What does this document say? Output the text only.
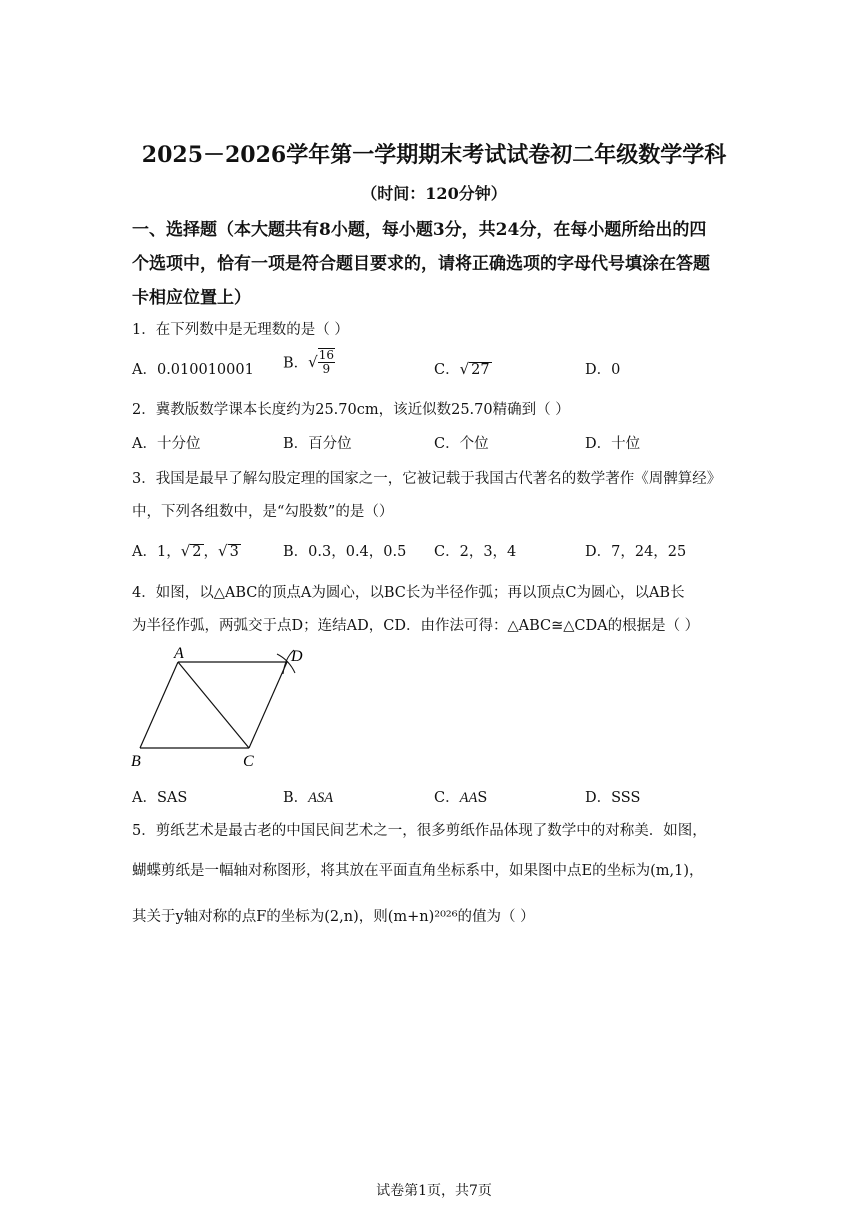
2025－2026学年第一学期期末考试试卷初二年级数学学科
（时间：120分钟）
一、选择题（本大题共有8小题，每小题3分，共24分，在每小题所给出的四
个选项中，恰有一项是符合题目要求的，请将正确选项的字母代号填涂在答题
卡相应位置上）
1．在下列数中是无理数的是（ ）
A．0.010010001 B．√ $\frac{16}{9}$	C．√ 27	D．0
2．冀教版数学课本长度约为25.70cm，该近似数25.70精确到（ ）
A．十分位	B．百分位	C．个位	D．十位
3．我国是最早了解勾股定理的国家之一，它被记载于我国古代著名的数学著作《周髀算经》
中，下列各组数中，是“勾股数”的是（）
A．1，√ 2 ，√ 3	B．0.3，0.4，0.5 C．2，3，4	D．7，24，25
4．如图，以△ABC的顶点A为圆心，以BC长为半径作弧；再以顶点C为圆心，以AB长
为半径作弧，两弧交于点D；连结AD，CD．由作法可得：△ABC≅△CDA的根据是（ ）
A	D
B	C
A．SAS	B．ASA	C．AAS	D．SSS
5．剪纸艺术是最古老的中国民间艺术之一，很多剪纸作品体现了数学中的对称美．如图，
蝴蝶剪纸是一幅轴对称图形，将其放在平面直角坐标系中，如果图中点E的坐标为(m,1)，
其关于y轴对称的点F的坐标为(2,n)，则(m+n)²⁰²⁶的值为（ ）
试卷第1页，共7页
